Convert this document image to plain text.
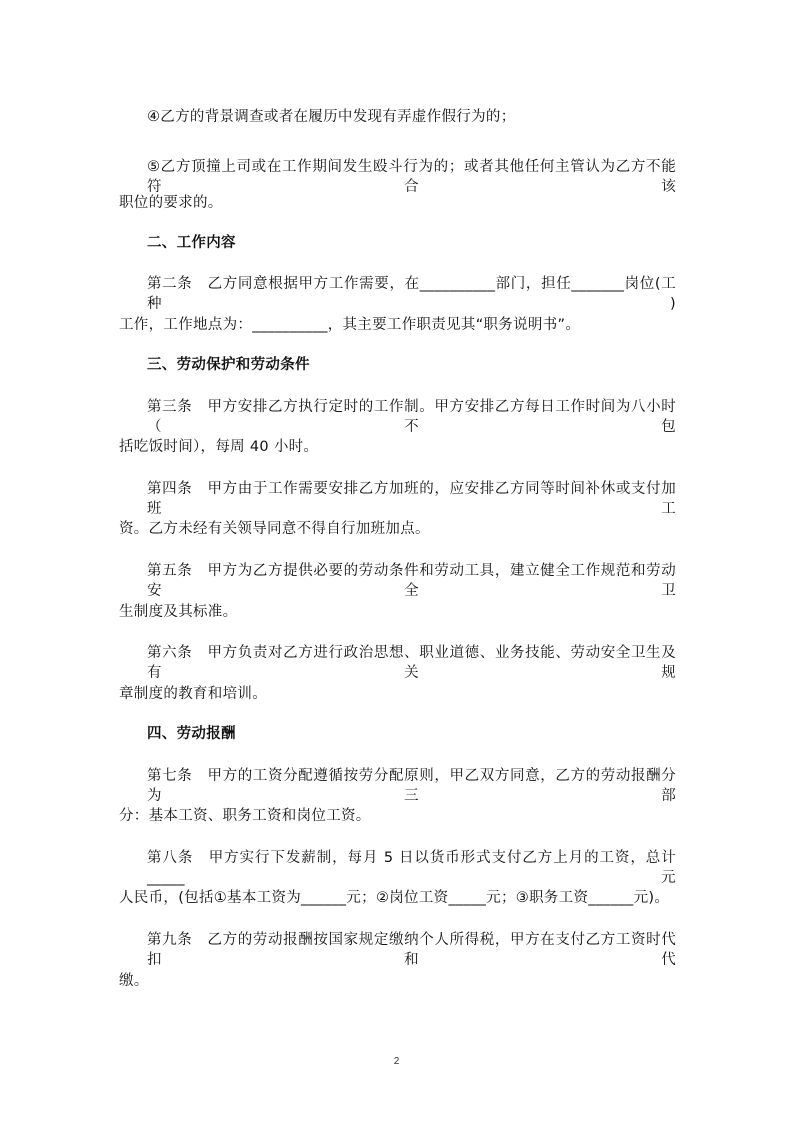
④乙方的背景调查或者在履历中发现有弄虚作假行为的；
⑤乙方顶撞上司或在工作期间发生殴斗行为的；或者其他任何主管认为乙方不能符合该
职位的要求的。
二、工作内容
第二条　乙方同意根据甲方工作需要，在__________部门，担任_______岗位(工种)
工作，工作地点为：__________，其主要工作职责见其“职务说明书”。
三、劳动保护和劳动条件
第三条　甲方安排乙方执行定时的工作制。甲方安排乙方每日工作时间为八小时（不包
括吃饭时间），每周 40 小时。
第四条　甲方由于工作需要安排乙方加班的，应安排乙方同等时间补休或支付加班工
资。乙方未经有关领导同意不得自行加班加点。
第五条　甲方为乙方提供必要的劳动条件和劳动工具，建立健全工作规范和劳动安全卫
生制度及其标准。
第六条　甲方负责对乙方进行政治思想、职业道德、业务技能、劳动安全卫生及有关规
章制度的教育和培训。
四、劳动报酬
第七条　甲方的工资分配遵循按劳分配原则，甲乙双方同意，乙方的劳动报酬分为三部
分：基本工资、职务工资和岗位工资。
第八条　甲方实行下发薪制，每月 5 日以货币形式支付乙方上月的工资，总计_____元
人民币，(包括①基本工资为______元；②岗位工资_____元；③职务工资______元)。
第九条　乙方的劳动报酬按国家规定缴纳个人所得税，甲方在支付乙方工资时代扣和代
缴。
2
